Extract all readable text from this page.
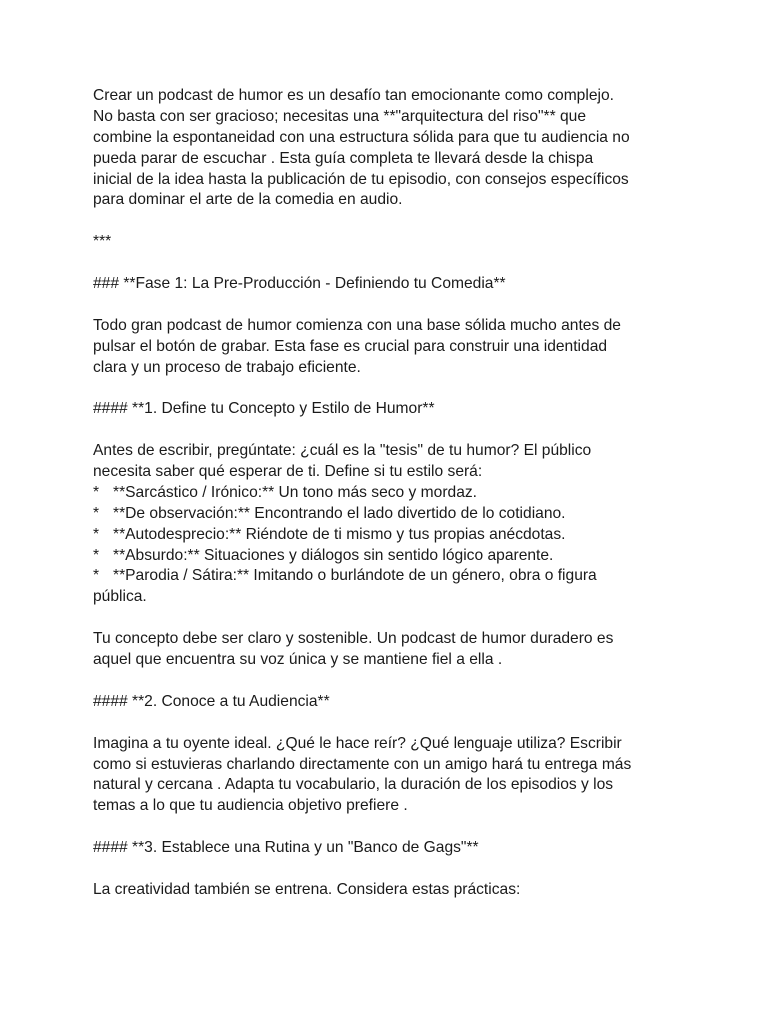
Crear un podcast de humor es un desafío tan emocionante como complejo.
No basta con ser gracioso; necesitas una **"arquitectura del riso"** que
combine la espontaneidad con una estructura sólida para que tu audiencia no
pueda parar de escuchar . Esta guía completa te llevará desde la chispa
inicial de la idea hasta la publicación de tu episodio, con consejos específicos
para dominar el arte de la comedia en audio.
***
### **Fase 1: La Pre-Producción - Definiendo tu Comedia**
Todo gran podcast de humor comienza con una base sólida mucho antes de
pulsar el botón de grabar. Esta fase es crucial para construir una identidad
clara y un proceso de trabajo eficiente.
#### **1. Define tu Concepto y Estilo de Humor**
Antes de escribir, pregúntate: ¿cuál es la "tesis" de tu humor? El público
necesita saber qué esperar de ti. Define si tu estilo será:
* **Sarcástico / Irónico:** Un tono más seco y mordaz.
* **De observación:** Encontrando el lado divertido de lo cotidiano.
* **Autodesprecio:** Riéndote de ti mismo y tus propias anécdotas.
* **Absurdo:** Situaciones y diálogos sin sentido lógico aparente.
* **Parodia / Sátira:** Imitando o burlándote de un género, obra o figura
pública.
Tu concepto debe ser claro y sostenible. Un podcast de humor duradero es
aquel que encuentra su voz única y se mantiene fiel a ella .
#### **2. Conoce a tu Audiencia**
Imagina a tu oyente ideal. ¿Qué le hace reír? ¿Qué lenguaje utiliza? Escribir
como si estuvieras charlando directamente con un amigo hará tu entrega más
natural y cercana . Adapta tu vocabulario, la duración de los episodios y los
temas a lo que tu audiencia objetivo prefiere .
#### **3. Establece una Rutina y un "Banco de Gags"**
La creatividad también se entrena. Considera estas prácticas:
